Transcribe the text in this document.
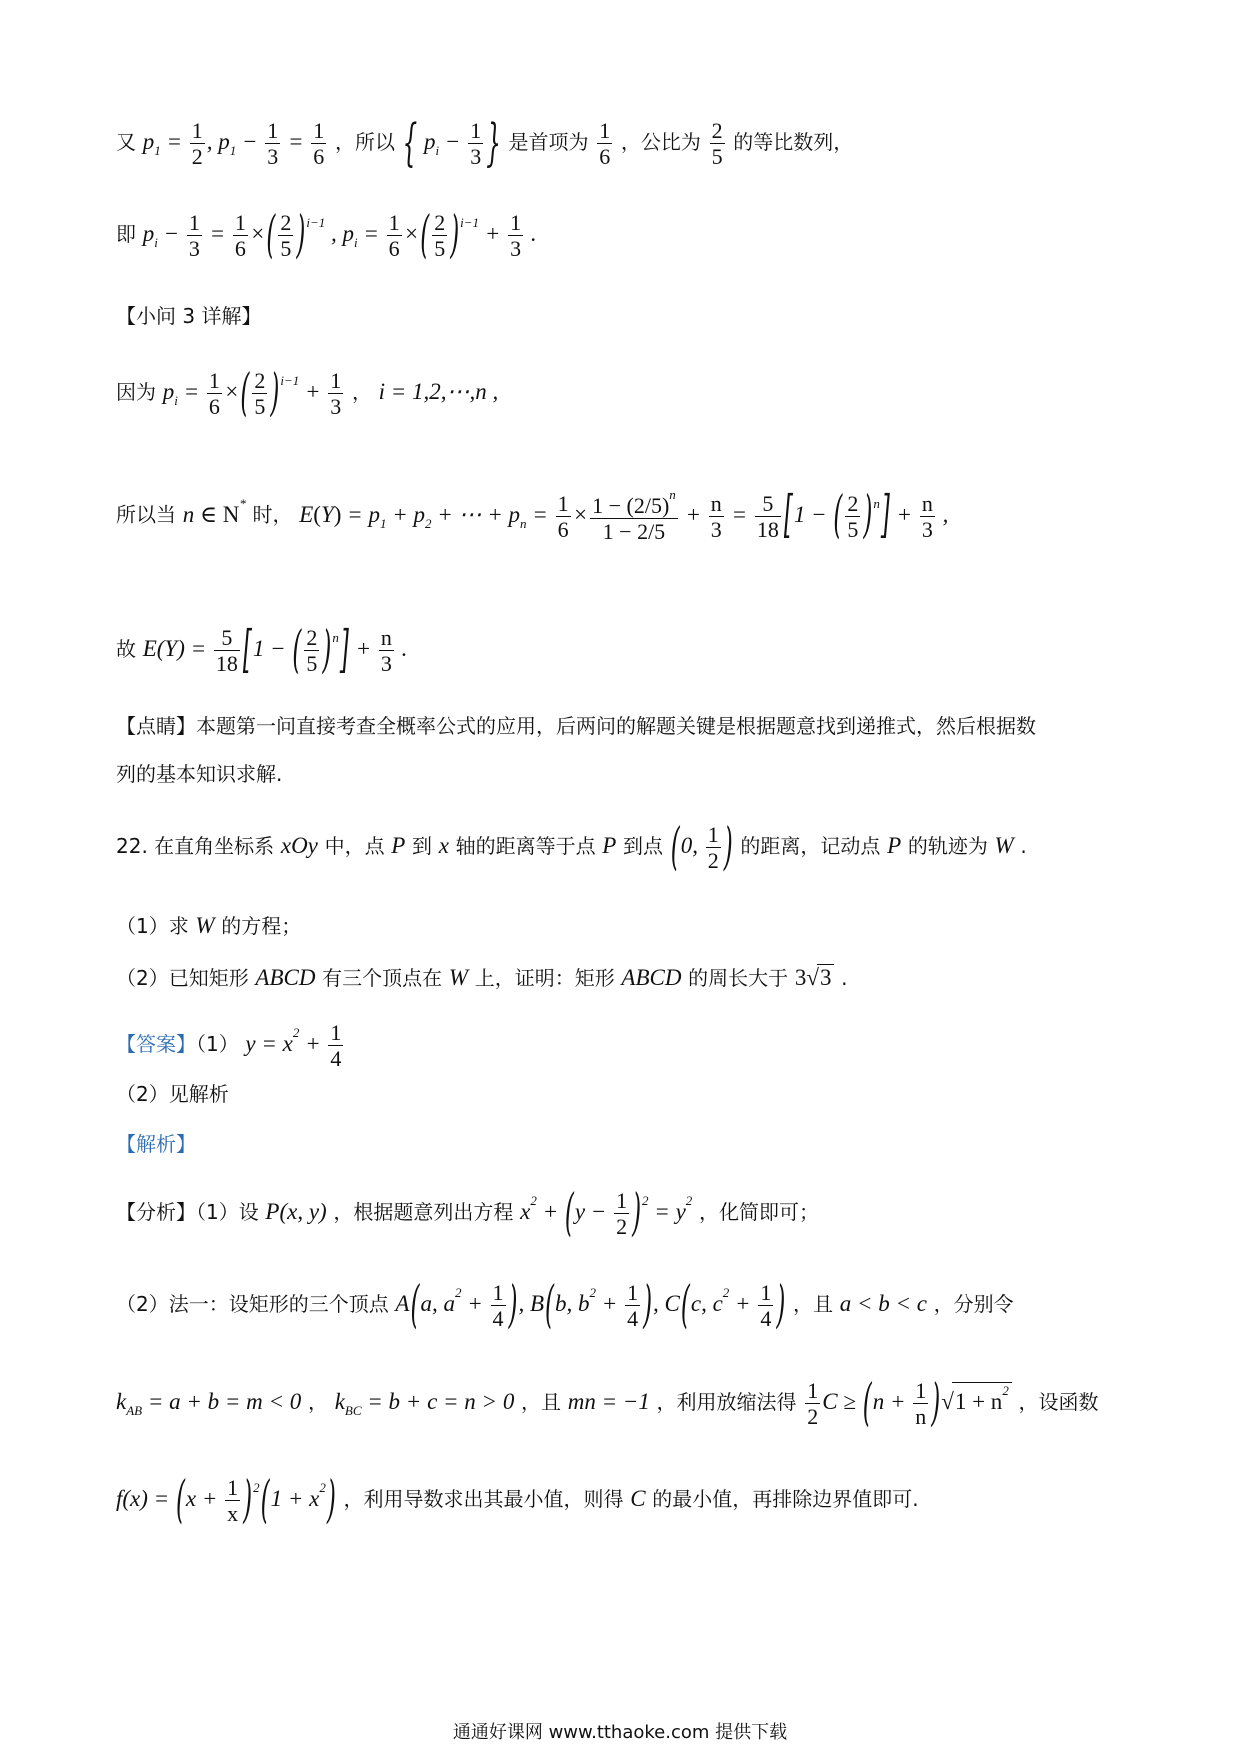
又 $p_1 = \frac{1}{2}$ , $p_1 - \frac{1}{3} = \frac{1}{6}$ ，所以 { $p_i - \frac{1}{3}$ } 是首项为 $\frac{1}{6}$ ，公比为 $\frac{2}{5}$ 的等比数列，
即 $p_i - \frac{1}{3} = \frac{1}{6}$ ×( $\frac{2}{5} )^{i-1}$ , $p_i = \frac{1}{6}$ ×( $\frac{2}{5} )^{i-1} + \frac{1}{3}$ .
【小问 3 详解】
因为 $p_i = \frac{1}{6}$ ×( $\frac{2}{5} )^{i-1} + \frac{1}{3}$ ， i = 1,2,⋯,n ,
所以当 n ∈ N* 时， $E(Y) = p_1 + p_2$ + ⋯ + $p_n = \frac{1}{6} \times \frac{1 - (2/5)^n}{1 - 2/5} + \frac{n}{3} = \frac{5}{18} [1$ − ( $\frac{2}{5} )^n] + \frac{n}{3}$ ,
故 $E(Y) = \frac{5}{18} [1$ − ( $\frac{2}{5} )^n] + \frac{n}{3}$ .
【点睛】本题第一问直接考查全概率公式的应用，后两问的解题关键是根据题意找到递推式，然后根据数
列的基本知识求解.
22. 在直角坐标系 xOy 中，点 P 到 x 轴的距离等于点 P 到点 (0, $\frac{1}{2}$ ) 的距离，记动点 P 的轨迹为 W .
（1）求 W 的方程；
（2）已知矩形 ABCD 有三个顶点在 W 上，证明：矩形 ABCD 的周长大于 3√3 .
【答案】（1） $y = x^2 + \frac{1}{4}$
（2）见解析
【解析】
【分析】（1）设 P(x, y) ，根据题意列出方程 $x^2 + (y - \frac{1}{2} )^2 = y^2$ ，化简即可；
（2）法一：设矩形的三个顶点 A(a, $a^2 + \frac{1}{4}$ ), B(b, $b^2 + \frac{1}{4}$ ), C(c, $c^2 + \frac{1}{4}$ ) ，且 a < b < c ，分别令
$k_{AB} = a + b = m < 0$ ， $k_{BC} = b + c = n > 0$ ，且 mn = −1 ，利用放缩法得 $\frac{1}{2}$ $C \ge (n + \frac{1}{n} )√1 + n^2$ ，设函数
$f(x) = (x + \frac{1}{x} )^2(1 + x^2)$ ，利用导数求出其最小值，则得 C 的最小值，再排除边界值即可.
通通好课网 www.tthaoke.com 提供下载
